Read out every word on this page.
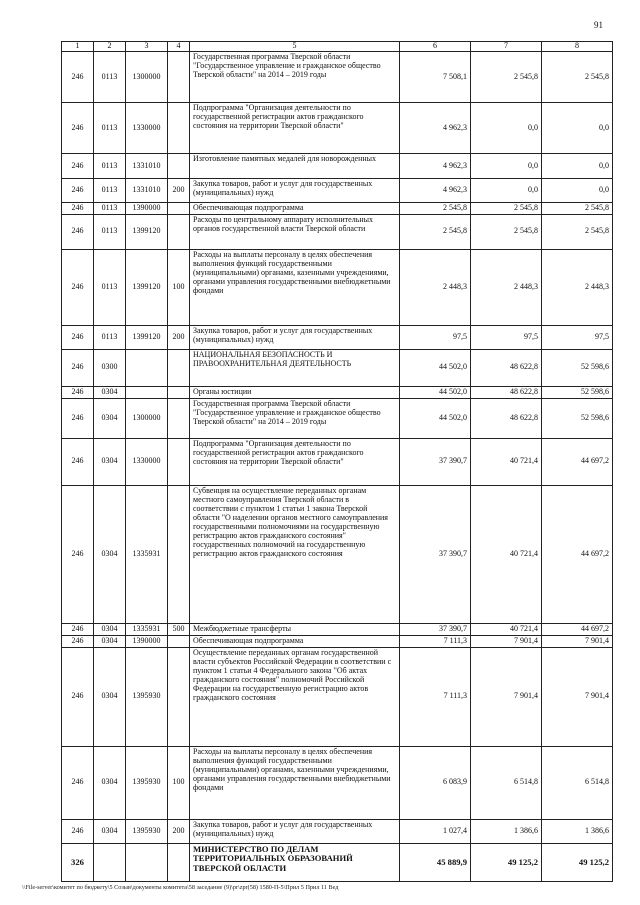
91
1	2	3	4	5	6	7	8
246	0113	1300000		Государственная программа Тверской области "Государственное управление и гражданское общество Тверской области" на 2014 – 2019 годы	7 508,1	2 545,8	2 545,8
246	0113	1330000		Подпрограмма "Организация деятельности по государственной регистрации актов гражданского состояния на территории Тверской области"	4 962,3	0,0	0,0
246	0113	1331010		Изготовление памятных медалей для новорожденных	4 962,3	0,0	0,0
246	0113	1331010	200	Закупка товаров, работ и услуг для государственных (муниципальных) нужд	4 962,3	0,0	0,0
246	0113	1390000		Обеспечивающая подпрограмма	2 545,8	2 545,8	2 545,8
246	0113	1399120		Расходы по центральному аппарату исполнительных органов государственной власти Тверской области	2 545,8	2 545,8	2 545,8
246	0113	1399120	100	Расходы на выплаты персоналу в целях обеспечения выполнения функций государственными (муниципальными) органами, казенными учреждениями, органами управления государственными внебюджетными фондами	2 448,3	2 448,3	2 448,3
246	0113	1399120	200	Закупка товаров, работ и услуг для государственных (муниципальных) нужд	97,5	97,5	97,5
246	0300			НАЦИОНАЛЬНАЯ БЕЗОПАСНОСТЬ И ПРАВООХРАНИТЕЛЬНАЯ ДЕЯТЕЛЬНОСТЬ	44 502,0	48 622,8	52 598,6
246	0304			Органы юстиции	44 502,0	48 622,8	52 598,6
246	0304	1300000		Государственная программа Тверской области "Государственное управление и гражданское общество Тверской области" на 2014 – 2019 годы	44 502,0	48 622,8	52 598,6
246	0304	1330000		Подпрограмма "Организация деятельности по государственной регистрации актов гражданского состояния на территории Тверской области"	37 390,7	40 721,4	44 697,2
246	0304	1335931		Субвенция на осуществление переданных органам местного самоуправления Тверской области в соответствии с пунктом 1 статьи 1 закона Тверской области "О наделении органов местного самоуправления государственными полномочиями на государственную регистрацию актов гражданского состояния" государственных полномочий на государственную регистрацию актов гражданского состояния	37 390,7	40 721,4	44 697,2
246	0304	1335931	500	Межбюджетные трансферты	37 390,7	40 721,4	44 697,2
246	0304	1390000		Обеспечивающая подпрограмма	7 111,3	7 901,4	7 901,4
246	0304	1395930		Осуществление переданных органам государственной власти субъектов Российской Федерации в соответствии с пунктом 1 статьи 4 Федерального закона "Об актах гражданского состояния" полномочий Российской Федерации на государственную регистрацию актов гражданского состояния	7 111,3	7 901,4	7 901,4
246	0304	1395930	100	Расходы на выплаты персоналу в целях обеспечения выполнения функций государственными (муниципальными) органами, казенными учреждениями, органами управления государственными внебюджетными фондами	6 083,9	6 514,8	6 514,8
246	0304	1395930	200	Закупка товаров, работ и услуг для государственных (муниципальных) нужд	1 027,4	1 386,6	1 386,6
326				МИНИСТЕРСТВО ПО ДЕЛАМ ТЕРРИТОРИАЛЬНЫХ ОБРАЗОВАНИЙ ТВЕРСКОЙ ОБЛАСТИ	45 889,9	49 125,2	49 125,2
\\File-server\комитет по бюджету\5 Созыв\документы комитета\58 заседание (9)\pr\zpr(58) 1580-П-5\Прил 5 Прил 11 Вед
